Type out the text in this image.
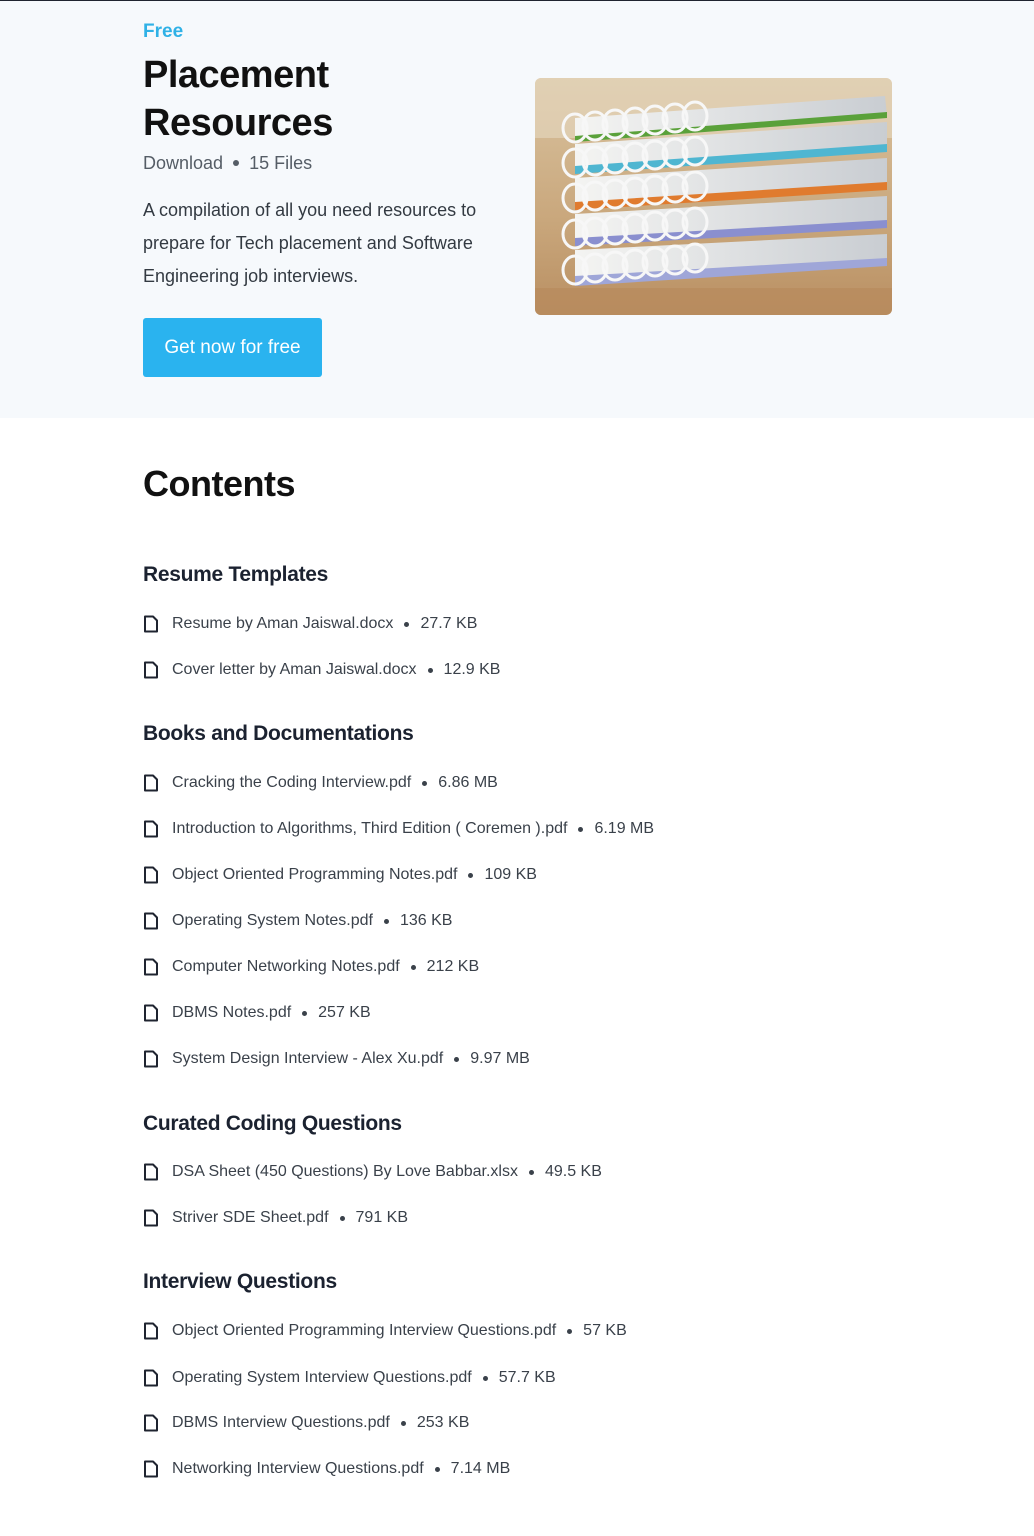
Free
Placement Resources
Download 15 Files

A compilation of all you need resources to prepare for Tech placement and Software Engineering job interviews.

Get now for free
Contents
Resume Templates
Resume by Aman Jaiswal.docx 27.7 KB
Cover letter by Aman Jaiswal.docx 12.9 KB
Books and Documentations
Cracking the Coding Interview.pdf 6.86 MB
Introduction to Algorithms, Third Edition ( Coremen ).pdf 6.19 MB
Object Oriented Programming Notes.pdf 109 KB
Operating System Notes.pdf 136 KB
Computer Networking Notes.pdf 212 KB
DBMS Notes.pdf 257 KB
System Design Interview - Alex Xu.pdf 9.97 MB
Curated Coding Questions
DSA Sheet (450 Questions) By Love Babbar.xlsx 49.5 KB
Striver SDE Sheet.pdf 791 KB
Interview Questions
Object Oriented Programming Interview Questions.pdf 57 KB
Operating System Interview Questions.pdf 57.7 KB
DBMS Interview Questions.pdf 253 KB
Networking Interview Questions.pdf 7.14 MB
